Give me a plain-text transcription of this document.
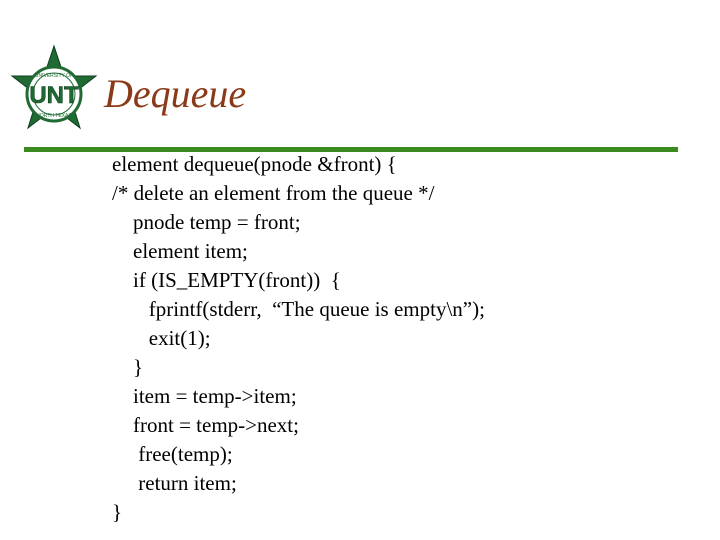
UNT
UNIVERSITY OF
NORTH TEXAS Dequeue
element dequeue(pnode &front) {
/* delete an element from the queue */
pnode temp = front;
element item;
if (IS_EMPTY(front))  {
fprintf(stderr,  “The queue is empty\n”);
exit(1);
}
item = temp->item;
front = temp->next;
free(temp);
return item;
}
